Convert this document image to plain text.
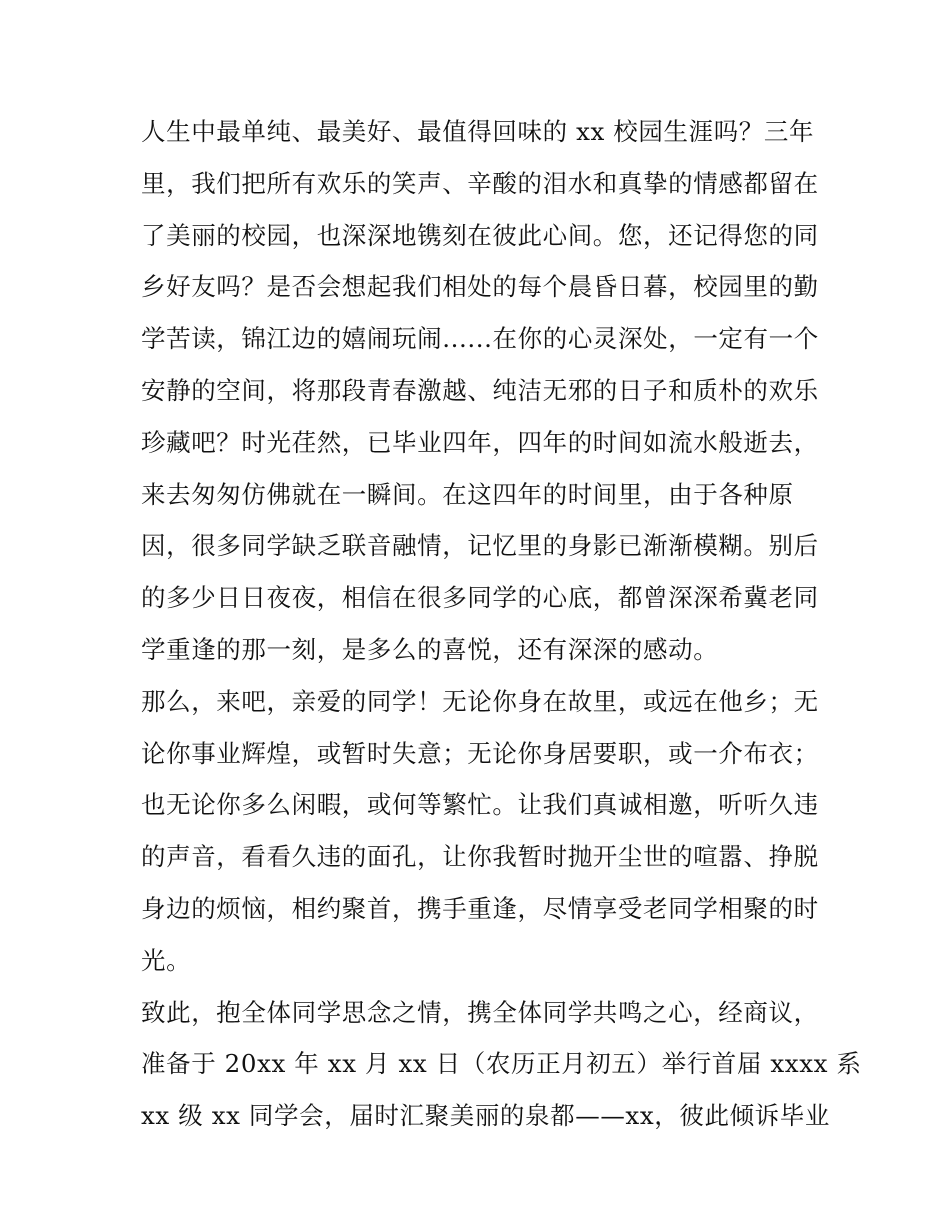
人生中最单纯、最美好、最值得回味的 xx 校园生涯吗？三年
里，我们把所有欢乐的笑声、辛酸的泪水和真挚的情感都留在
了美丽的校园，也深深地镌刻在彼此心间。您，还记得您的同
乡好友吗？是否会想起我们相处的每个晨昏日暮，校园里的勤
学苦读，锦江边的嬉闹玩闹......在你的心灵深处，一定有一个
安静的空间，将那段青春激越、纯洁无邪的日子和质朴的欢乐
珍藏吧？时光荏然，已毕业四年，四年的时间如流水般逝去，
来去匆匆仿佛就在一瞬间。在这四年的时间里，由于各种原
因，很多同学缺乏联音融情，记忆里的身影已渐渐模糊。别后
的多少日日夜夜，相信在很多同学的心底，都曾深深希冀老同
学重逢的那一刻，是多么的喜悦，还有深深的感动。
那么，来吧，亲爱的同学！无论你身在故里，或远在他乡；无
论你事业辉煌，或暂时失意；无论你身居要职，或一介布衣；
也无论你多么闲暇，或何等繁忙。让我们真诚相邀，听听久违
的声音，看看久违的面孔，让你我暂时抛开尘世的喧嚣、挣脱
身边的烦恼，相约聚首，携手重逢，尽情享受老同学相聚的时
光。
致此，抱全体同学思念之情，携全体同学共鸣之心，经商议，
准备于 20xx 年 xx 月 xx 日（农历正月初五）举行首届 xxxx 系
xx 级 xx 同学会，届时汇聚美丽的泉都——xx，彼此倾诉毕业
